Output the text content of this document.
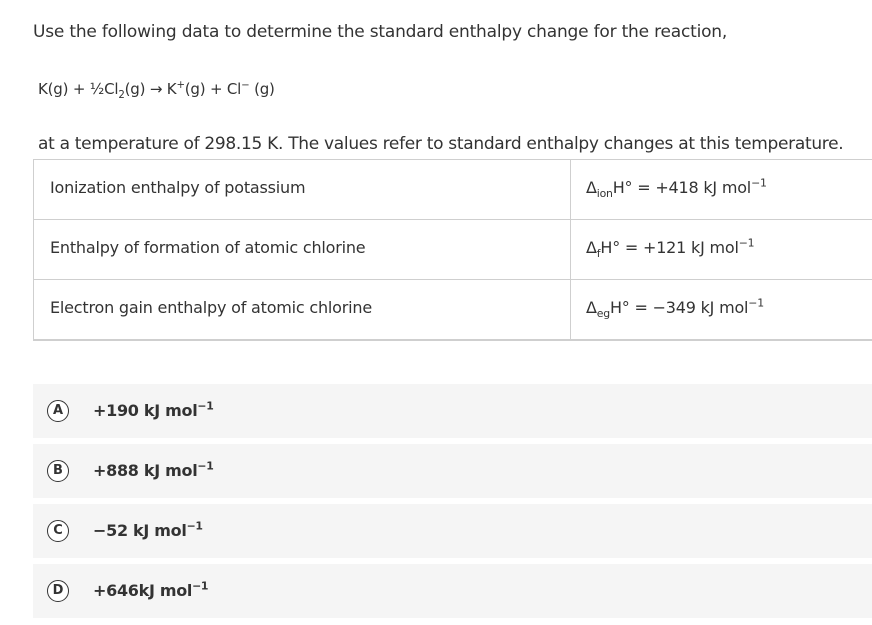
Use the following data to determine the standard enthalpy change for the reaction,
$K(g) + \frac{1}{2}Cl_2(g) \to K^+(g) + Cl^-$ (g)
at a temperature of 298.15 K. The values refer to standard enthalpy changes at this temperature.
Ionization enthalpy of potassium	$\Delta_{ion}H^\circ = +418$ kJ mol$^{-1}$

Enthalpy of formation of atomic chlorine	$\Delta_fH^\circ = +121$ kJ mol$^{-1}$

Electron gain enthalpy of atomic chlorine	$\Delta_{eg}H^\circ = -349$ kJ mol$^{-1}$
A	+190 kJ mol$^{-1}$
B	+888 kJ mol$^{-1}$
C	−52 kJ mol$^{-1}$
D	+646kJ mol$^{-1}$
